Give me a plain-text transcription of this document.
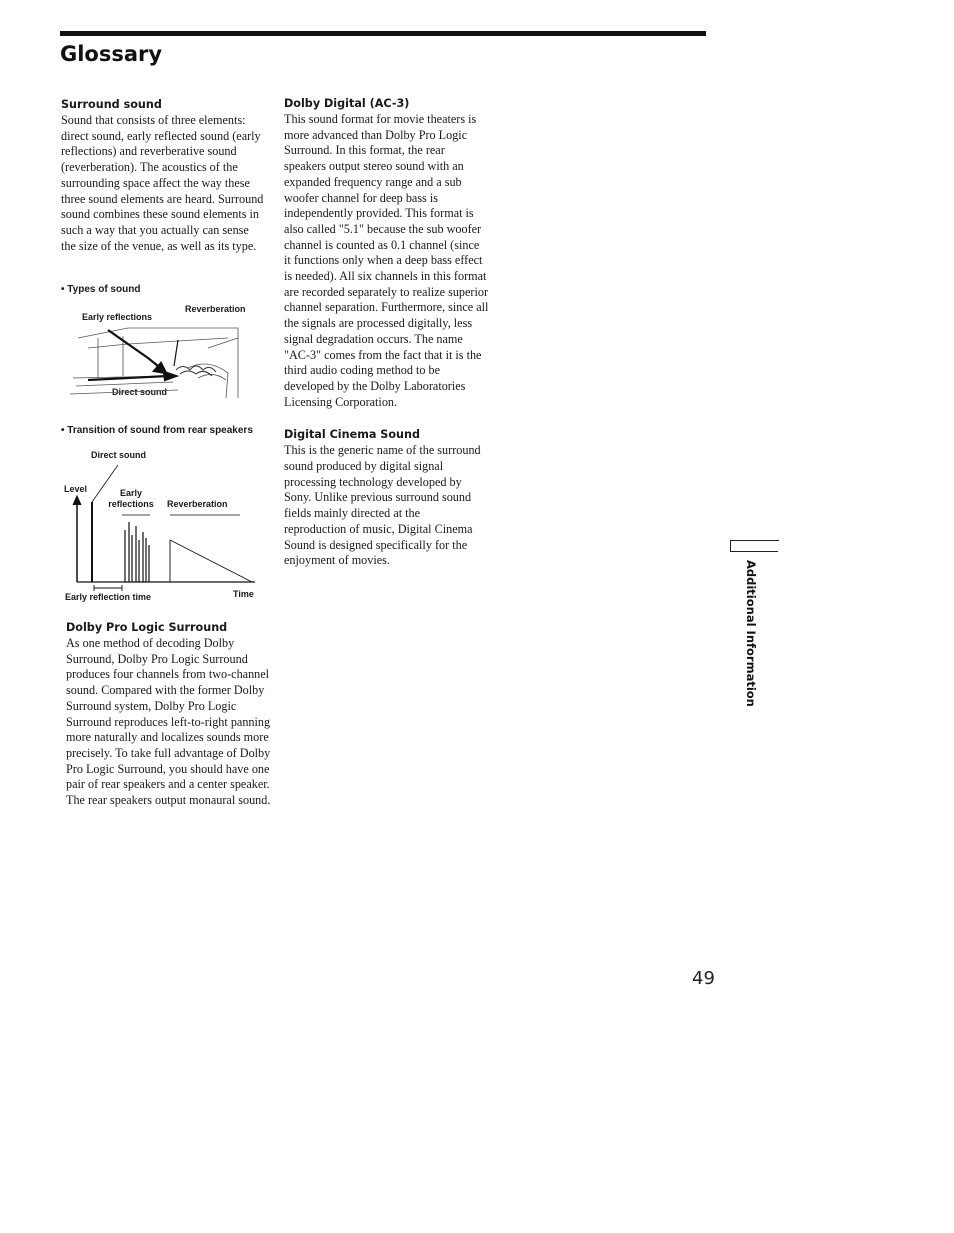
Glossary

Surround sound

Sound that consists of three elements: direct sound, early reflected sound (early reflections) and reverberative sound (reverberation). The acoustics of the surrounding space affect the way these three sound elements are heard. Surround sound combines these sound elements in such a way that you actually can sense the size of the venue, as well as its type.

• Types of sound

Early reflections

Reverberation

Direct sound

• Transition of sound from rear speakers

Direct sound

Level	Early reflections Reverberation

Early reflection time	Time

Dolby Pro Logic Surround

As one method of decoding Dolby Surround, Dolby Pro Logic Surround produces four channels from two-channel sound. Compared with the former Dolby Surround system, Dolby Pro Logic Surround reproduces left-to-right panning more naturally and localizes sounds more precisely. To take full advantage of Dolby Pro Logic Surround, you should have one pair of rear speakers and a center speaker. The rear speakers output monaural sound.

Dolby Digital (AC-3)

This sound format for movie theaters is more advanced than Dolby Pro Logic Surround. In this format, the rear speakers output stereo sound with an expanded frequency range and a sub woofer channel for deep bass is independently provided. This format is also called "5.1" because the sub woofer channel is counted as 0.1 channel (since it functions only when a deep bass effect is needed). All six channels in this format are recorded separately to realize superior channel separation. Furthermore, since all the signals are processed digitally, less signal degradation occurs. The name "AC-3" comes from the fact that it is the third audio coding method to be developed by the Dolby Laboratories Licensing Corporation.

Digital Cinema Sound

This is the generic name of the surround sound produced by digital signal processing technology developed by Sony. Unlike previous surround sound fields mainly directed at the reproduction of music, Digital Cinema Sound is designed specifically for the enjoyment of movies.	Additional Information
49
